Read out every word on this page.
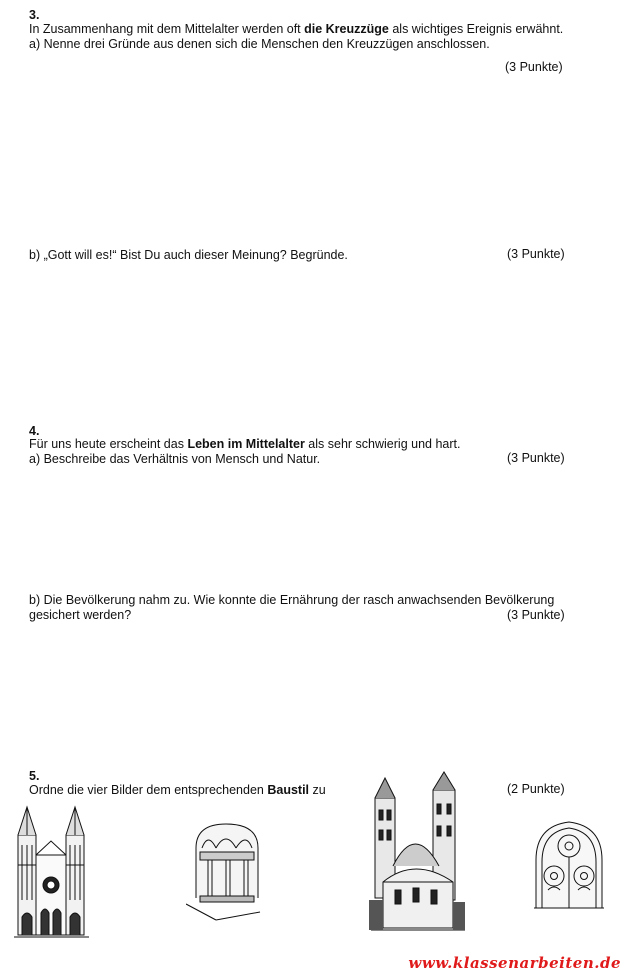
3.
In Zusammenhang mit dem Mittelalter werden oft die Kreuzzüge als wichtiges Ereignis erwähnt.
a) Nenne drei Gründe aus denen sich die Menschen den Kreuzzügen anschlossen.
(3 Punkte)
b) „Gott will es!“ Bist Du auch dieser Meinung? Begründe.	(3 Punkte)
4.
Für uns heute erscheint das Leben im Mittelalter als sehr schwierig und hart.
a) Beschreibe das Verhältnis von Mensch und Natur.	(3 Punkte)
b) Die Bevölkerung nahm zu. Wie konnte die Ernährung der rasch anwachsenden Bevölkerung
gesichert werden?	(3 Punkte)
5.
Ordne die vier Bilder dem entsprechenden Baustil zu	(2 Punkte)
www.klassenarbeiten.de
